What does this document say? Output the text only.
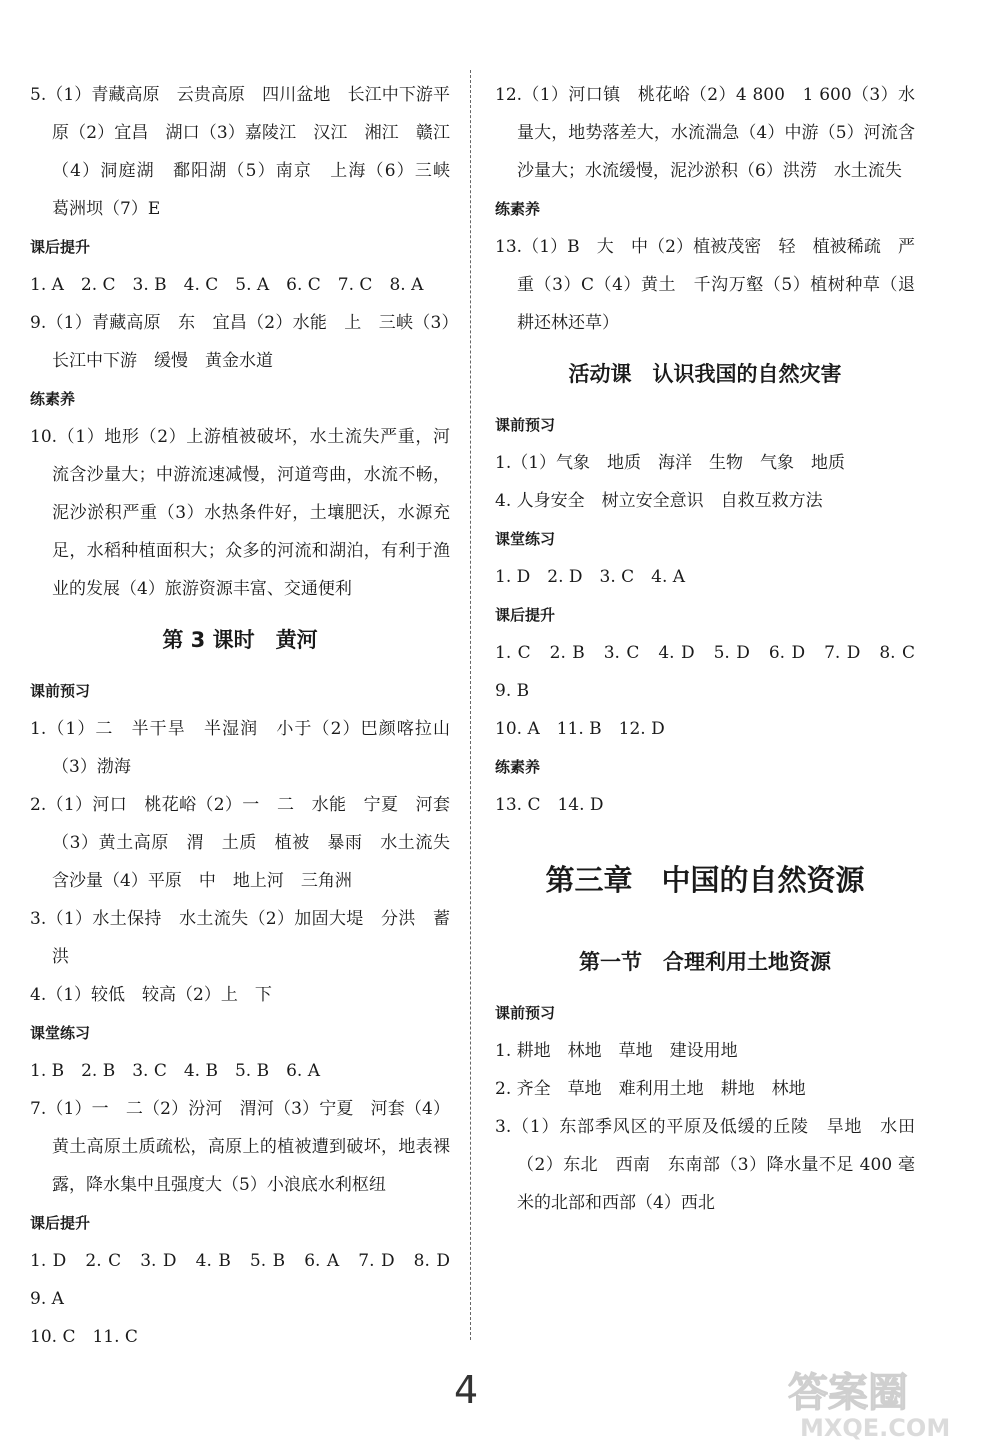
5.（1）青藏高原　云贵高原　四川盆地　长江中下游平原（2）宜昌　湖口（3）嘉陵江　汉江　湘江　赣江（4）洞庭湖　鄱阳湖（5）南京　上海（6）三峡　葛洲坝（7）E

课后提升

1. A　2. C　3. B　4. C　5. A　6. C　7. C　8. A

9.（1）青藏高原　东　宜昌（2）水能　上　三峡（3）长江中下游　缓慢　黄金水道

练素养

10.（1）地形（2）上游植被破坏，水土流失严重，河流含沙量大；中游流速减慢，河道弯曲，水流不畅，泥沙淤积严重（3）水热条件好，土壤肥沃，水源充足，水稻种植面积大；众多的河流和湖泊，有利于渔业的发展（4）旅游资源丰富、交通便利

第 3 课时　黄河

课前预习

1.（1）二　半干旱　半湿润　小于（2）巴颜喀拉山（3）渤海

2.（1）河口　桃花峪（2）一　二　水能　宁夏　河套（3）黄土高原　渭　土质　植被　暴雨　水土流失　含沙量（4）平原　中　地上河　三角洲

3.（1）水土保持　水土流失（2）加固大堤　分洪　蓄洪

4.（1）较低　较高（2）上　下

课堂练习

1. B　2. B　3. C　4. B　5. B　6. A

7.（1）一　二（2）汾河　渭河（3）宁夏　河套（4）黄土高原土质疏松，高原上的植被遭到破坏，地表裸露，降水集中且强度大（5）小浪底水利枢纽

课后提升

1. D　2. C　3. D　4. B　5. B　6. A　7. D　8. D　9. A

10. C　11. C

12.（1）河口镇　桃花峪（2）4 800　1 600（3）水量大，地势落差大，水流湍急（4）中游（5）河流含沙量大；水流缓慢，泥沙淤积（6）洪涝　水土流失

练素养

13.（1）B　大　中（2）植被茂密　轻　植被稀疏　严重（3）C（4）黄土　千沟万壑（5）植树种草（退耕还林还草）

活动课　认识我国的自然灾害

课前预习

1.（1）气象　地质　海洋　生物　气象　地质

4. 人身安全　树立安全意识　自救互救方法

课堂练习

1. D　2. D　3. C　4. A

课后提升

1. C　2. B　3. C　4. D　5. D　6. D　7. D　8. C　9. B

10. A　11. B　12. D

练素养

13. C　14. D

第三章　中国的自然资源

第一节　合理利用土地资源

课前预习

1. 耕地　林地　草地　建设用地

2. 齐全　草地　难利用土地　耕地　林地

3.（1）东部季风区的平原及低缓的丘陵　旱地　水田（2）东北　西南　东南部（3）降水量不足 400 毫米的北部和西部（4）西北

4	答案圈
MXQE.COM
